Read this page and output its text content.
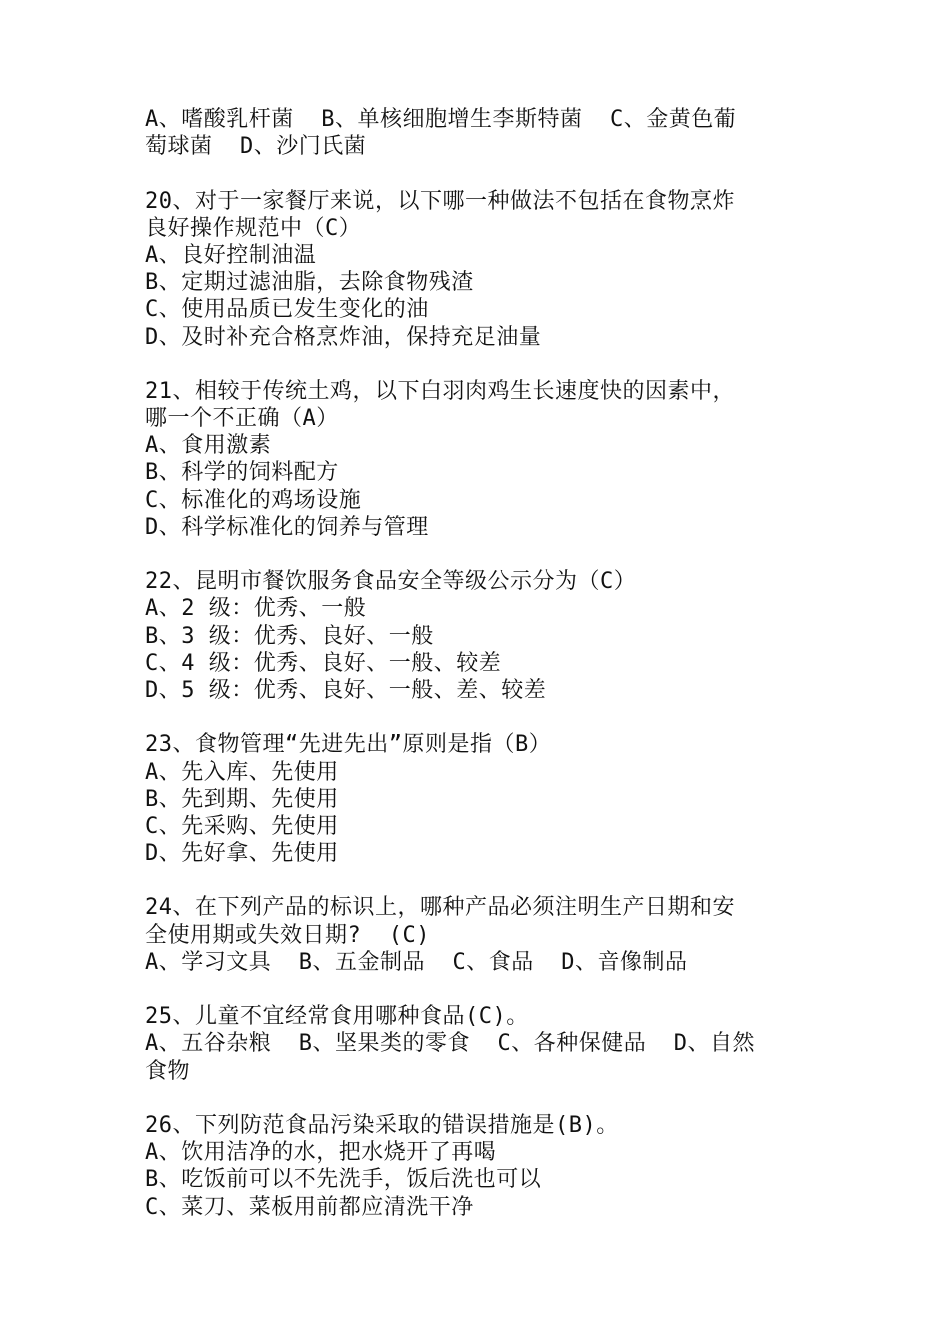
A、嗜酸乳杆菌  B、单核细胞增生李斯特菌  C、金黄色葡
萄球菌  D、沙门氏菌
20、对于一家餐厅来说，以下哪一种做法不包括在食物烹炸
良好操作规范中（C）
A、良好控制油温
B、定期过滤油脂，去除食物残渣
C、使用品质已发生变化的油
D、及时补充合格烹炸油，保持充足油量
21、相较于传统土鸡，以下白羽肉鸡生长速度快的因素中，
哪一个不正确（A）
A、食用激素
B、科学的饲料配方
C、标准化的鸡场设施
D、科学标准化的饲养与管理
22、昆明市餐饮服务食品安全等级公示分为（C）
A、2 级：优秀、一般
B、3 级：优秀、良好、一般
C、4 级：优秀、良好、一般、较差
D、5 级：优秀、良好、一般、差、较差
23、食物管理“先进先出”原则是指（B）
A、先入库、先使用
B、先到期、先使用
C、先采购、先使用
D、先好拿、先使用
24、在下列产品的标识上，哪种产品必须注明生产日期和安
全使用期或失效日期?  (C)
A、学习文具  B、五金制品  C、食品  D、音像制品
25、儿童不宜经常食用哪种食品(C)。
A、五谷杂粮  B、坚果类的零食  C、各种保健品  D、自然
食物
26、下列防范食品污染采取的错误措施是(B)。
A、饮用洁净的水，把水烧开了再喝
B、吃饭前可以不先洗手，饭后洗也可以
C、菜刀、菜板用前都应清洗干净
